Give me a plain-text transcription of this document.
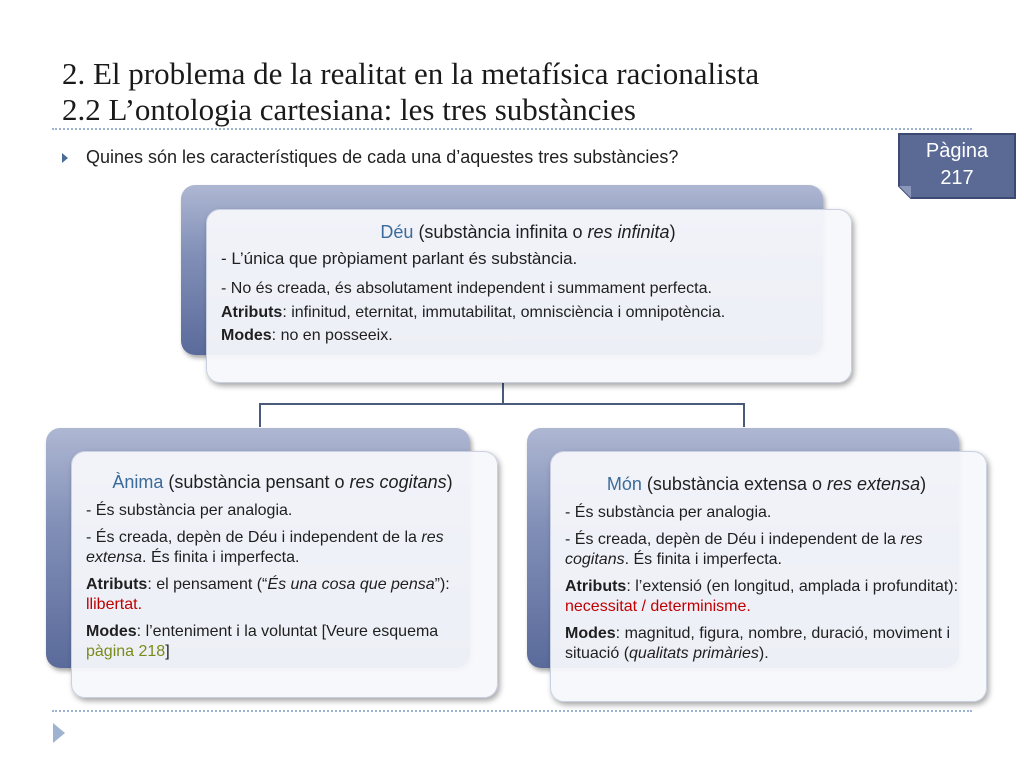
2. El problema de la realitat en la metafísica racionalista
2.2 L’ontologia cartesiana: les tres substàncies
Quines són les característiques de cada una d’aquestes tres substàncies?	Pàgina
217
Déu (substància infinita o res infinita)

- L’única que pròpiament parlant és substància.

- No és creada, és absolutament independent i summament perfecta.

Atributs: infinitud, eternitat, immutabilitat, omnisciència i omnipotència.

Modes: no en posseeix.

Ànima (substància pensant o res cogitans)

- És substància per analogia.

- És creada, depèn de Déu i independent de la res extensa. És finita i imperfecta.

Atributs: el pensament (“És una cosa que pensa”): llibertat.

Modes: l’enteniment i la voluntat [Veure esquema pàgina 218]

Món (substància extensa o res extensa)

- És substància per analogia.

- És creada, depèn de Déu i independent de la res cogitans. És finita i imperfecta.

Atributs: l’extensió (en longitud, amplada i profunditat): necessitat / determinisme.

Modes: magnitud, figura, nombre, duració, moviment i situació (qualitats primàries).
